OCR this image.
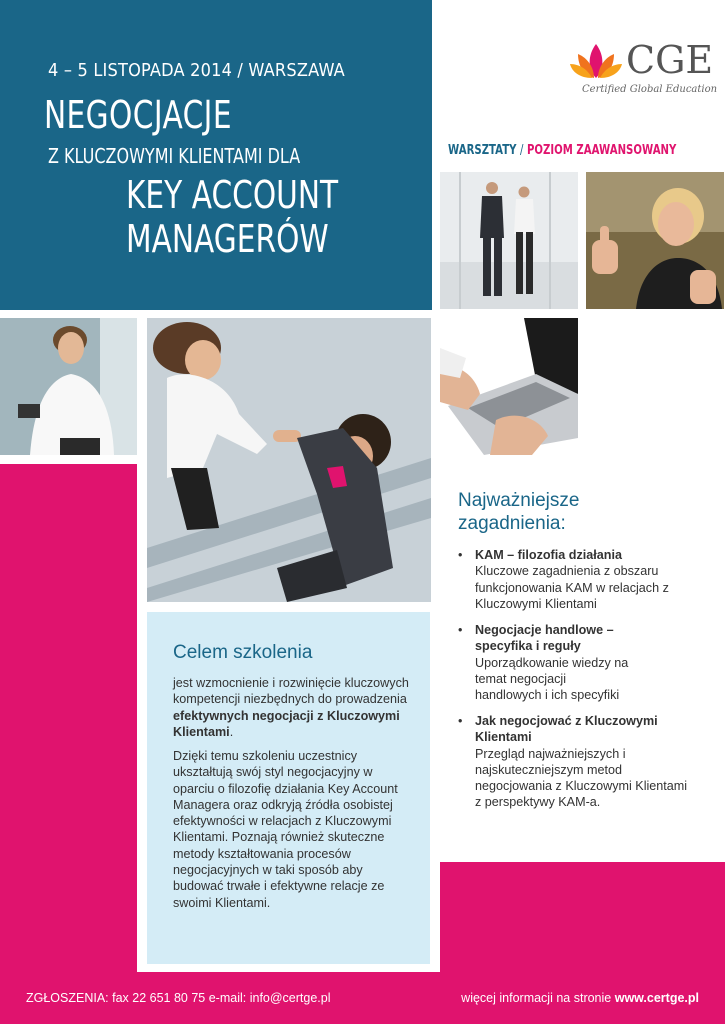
4 – 5 LISTOPADA 2014 / WARSZAWA
NEGOCJACJE
Z KLUCZOWYMI KLIENTAMI DLA
KEY ACCOUNT
MANAGERÓW
CGE
Certified Global Education
WARSZTATY / POZIOM ZAAWANSOWANY
Celem szkolenia
jest wzmocnienie i rozwinięcie kluczowych kompetencji niezbędnych do prowadzenia efektywnych negocjacji z Kluczowymi Klientami.
Dzięki temu szkoleniu uczestnicy ukształtują swój styl negocjacyjny w oparciu o filozofię działania Key Account Managera oraz odkryją źródła osobistej efektywności w relacjach z Kluczowymi Klientami. Poznają również skuteczne metody kształtowania procesów negocjacyjnych w taki sposób aby budować trwałe i efektywne relacje ze swoimi Klientami.
Najważniejsze zagadnienia:
• KAM – filozofia działania
Kluczowe zagadnienia z obszaru funkcjonowania KAM w relacjach z Kluczowymi Klientami
• Negocjacje handlowe – specyfika i reguły
Uporządkowanie wiedzy na temat negocjacji handlowych i ich specyfiki
• Jak negocjować z Kluczowymi Klientami
Przegląd najważniejszych i najskuteczniejszym metod negocjowania z Kluczowymi Klientami z perspektywy KAM-a.
ZGŁOSZENIA: fax 22 651 80 75 e-mail: info@certge.pl	więcej informacji na stronie www.certge.pl
